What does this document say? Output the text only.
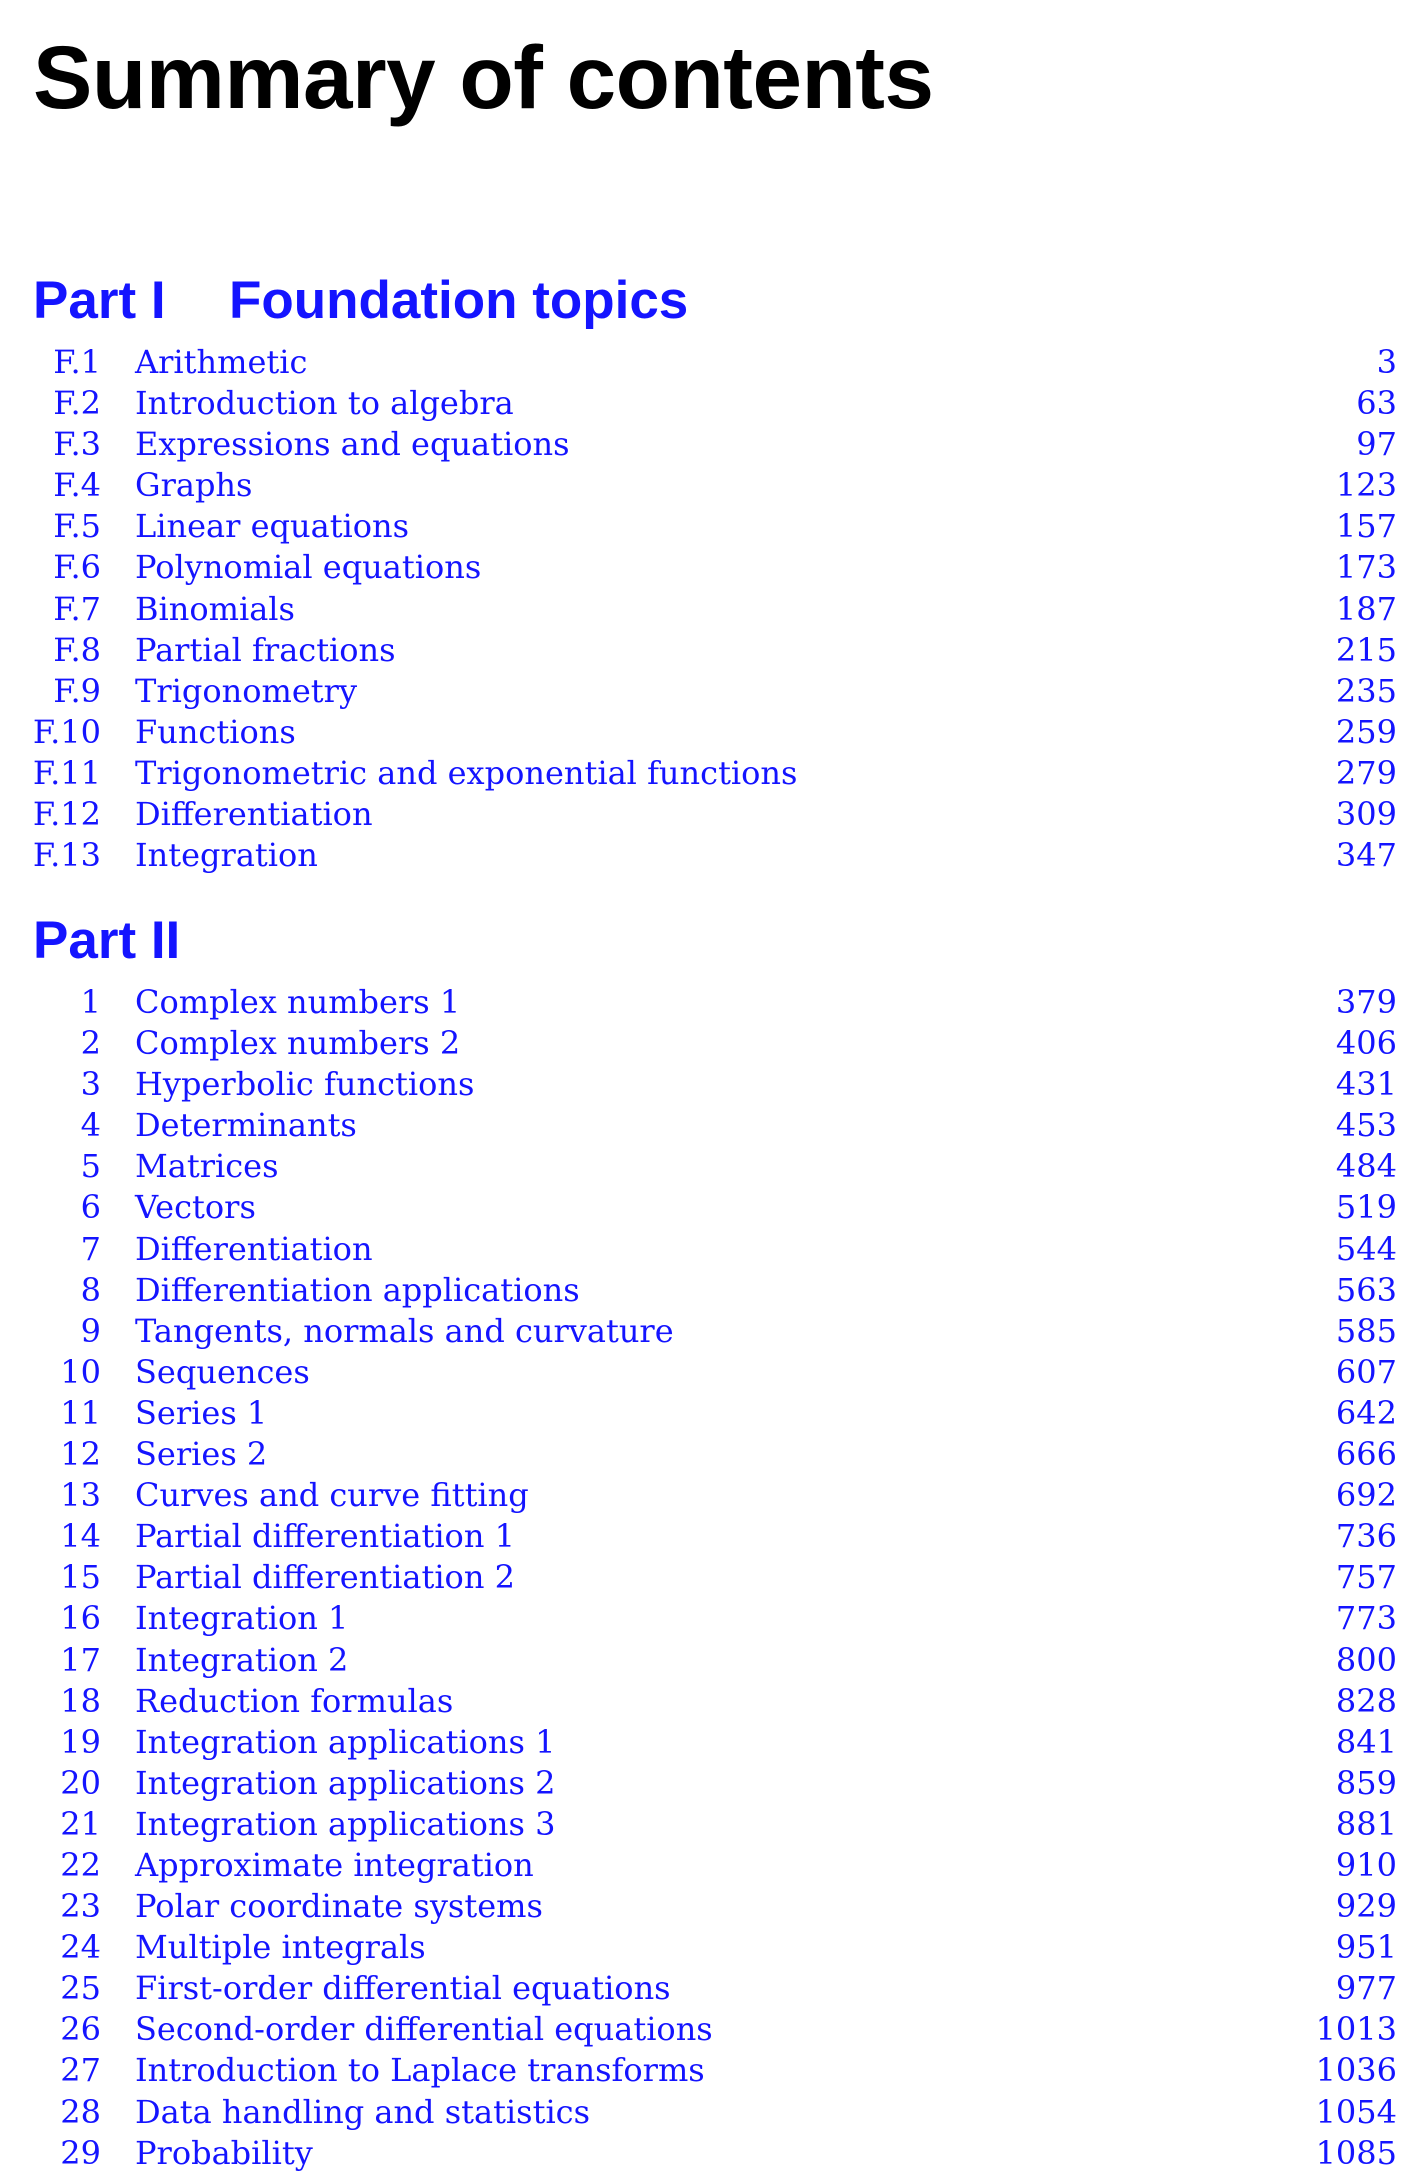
Summary of contents
Part I Foundation topics
F.1 Arithmetic	3
F.2 Introduction to algebra	63
F.3 Expressions and equations	97
F.4 Graphs	123
F.5 Linear equations	157
F.6 Polynomial equations	173
F.7 Binomials	187
F.8 Partial fractions	215
F.9 Trigonometry	235
F.10 Functions	259
F.11 Trigonometric and exponential functions	279
F.12 Differentiation	309
F.13 Integration	347
Part II
1 Complex numbers 1	379
2 Complex numbers 2	406
3 Hyperbolic functions	431
4 Determinants	453
5 Matrices	484
6 Vectors	519
7 Differentiation	544
8 Differentiation applications	563
9 Tangents, normals and curvature	585
10 Sequences	607
11 Series 1	642
12 Series 2	666
13 Curves and curve fitting	692
14 Partial differentiation 1	736
15 Partial differentiation 2	757
16 Integration 1	773
17 Integration 2	800
18 Reduction formulas	828
19 Integration applications 1	841
20 Integration applications 2	859
21 Integration applications 3	881
22 Approximate integration	910
23 Polar coordinate systems	929
24 Multiple integrals	951
25 First-order differential equations	977
26 Second-order differential equations	1013
27 Introduction to Laplace transforms	1036
28 Data handling and statistics	1054
29 Probability	1085
